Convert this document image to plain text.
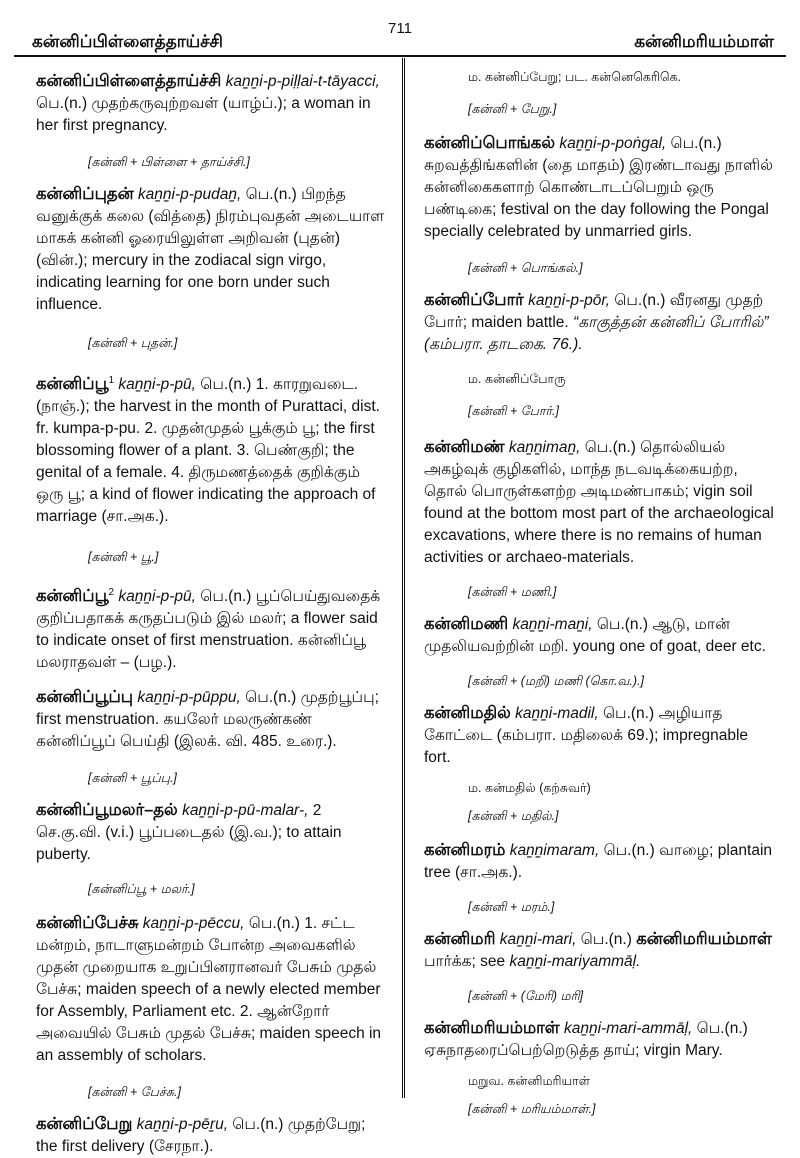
கன்னிப்பிள்ளைத்தாய்ச்சி
711
கன்னிமரியம்மாள்

கன்னிப்பிள்ளைத்தாய்ச்சி kaṉṉi-p-piḷḷai-t-tāyacci, பெ.(n.) முதற்கருவுற்றவள் (யாழ்ப்.); a woman in her first pregnancy.

[கன்னி + பிள்ளை + தாய்ச்சி.]

கன்னிப்புதன் kaṉṉi-p-pudaṉ, பெ.(n.) பிறந்த வனுக்குக் கலை (வித்தை) நிரம்புவதன் அடையாள மாகக் கன்னி ஓரையிலுள்ள அறிவன் (புதன்) (வின்.); mercury in the zodiacal sign virgo, indicating learning for one born under such influence.

[கன்னி + புதன்.]

கன்னிப்பூ$^1$ kaṉṉi-p-pū, பெ.(n.) 1. காரறுவடை. (நாஞ்.); the harvest in the month of Purattaci, dist. fr. kumpa-p-pu. 2. முதன்முதல் பூக்கும் பூ; the first blossoming flower of a plant. 3. பெண்குறி; the genital of a female. 4. திருமணத்தைக் குறிக்கும் ஒரு பூ; a kind of flower indicating the approach of marriage (சா.அக.).

[கன்னி + பூ.]

கன்னிப்பூ$^2$ kaṉṉi-p-pū, பெ.(n.) பூப்பெய்துவதைக் குறிப்பதாகக் கருதப்படும் இல் மலர்; a flower said to indicate onset of first menstruation. கன்னிப்பூ மலராதவள் – (பழ.).

கன்னிப்பூப்பு kaṉṉi-p-pūppu, பெ.(n.) முதற்பூப்பு; first menstruation. கயலேர் மலருண்கண் கன்னிப்பூப் பெய்தி (இலக். வி. 485. உரை.).

[கன்னி + பூப்பு.]

கன்னிப்பூமலர்–தல் kaṉṉi-p-pū-malar-, 2 செ.கு.வி. (v.i.) பூப்படைதல் (இ.வ.); to attain puberty.

[கன்னிப்பூ + மலர்.]

கன்னிப்பேச்சு kaṉṉi-p-pēccu, பெ.(n.) 1. சட்ட மன்றம், நாடாளுமன்றம் போன்ற அவைகளில் முதன் முறையாக உறுப்பினரானவர் பேசும் முதல் பேச்சு; maiden speech of a newly elected member for Assembly, Parliament etc. 2. ஆன்றோர் அவையில் பேசும் முதல் பேச்சு; maiden speech in an assembly of scholars.

[கன்னி + பேச்சு.]

கன்னிப்பேறு kaṉṉi-p-pēṟu, பெ.(n.) முதற்பேறு; the first delivery (சேரநா.).

ம. கன்னிப்பேறு; பட. கன்னெகெரிகெ.
[கன்னி + பேறு.]

கன்னிப்பொங்கல் kaṉṉi-p-poṅgal, பெ.(n.) சுறவத்திங்களின் (தை மாதம்) இரண்டாவது நாளில் கன்னிகைகளாற் கொண்டாடப்பெறும் ஒரு பண்டிகை; festival on the day following the Pongal specially celebrated by unmarried girls.

[கன்னி + பொங்கல்.]

கன்னிப்போர் kaṉṉi-p-pōr, பெ.(n.) வீரனது முதற் போர்; maiden battle. “காகுத்தன் கன்னிப் போரில்” (கம்பரா. தாடகை. 76.).

ம. கன்னிப்போரு
[கன்னி + போர்.]

கன்னிமண் kaṉṉimaṉ, பெ.(n.) தொல்லியல் அகழ்வுக் குழிகளில், மாந்த நடவடிக்கையற்ற, தொல் பொருள்களற்ற அடிமண்பாகம்; vigin soil found at the bottom most part of the archaeological excavations, where there is no remains of human activities or archaeo-materials.

[கன்னி + மணி.]

கன்னிமணி kaṉṉi-maṉi, பெ.(n.) ஆடு, மான் முதலியவற்றின் மறி. young one of goat, deer etc.

[கன்னி + (மறி) மணி (கொ.வ.).]

கன்னிமதில் kaṉṉi-madil, பெ.(n.) அழியாத கோட்டை (கம்பரா. மதிலைக் 69.); impregnable fort.

ம. கன்மதில் (கற்சுவர்)
[கன்னி + மதில்.]

கன்னிமரம் kaṉṉimaram, பெ.(n.) வாழை; plantain tree (சா.அக.).

[கன்னி + மரம்.]

கன்னிமரி kaṉṉi-mari, பெ.(n.) கன்னிமரியம்மாள் பார்க்க; see kaṉṉi-mariyammāḷ.

[கன்னி + (மேரி) மரி]

கன்னிமரியம்மாள் kaṉṉi-mari-ammāḷ, பெ.(n.) ஏசுநாதரைப்பெற்றெடுத்த தாய்; virgin Mary.

மறுவ. கன்னிமரியாள்
[கன்னி + மரியம்மாள்.]
